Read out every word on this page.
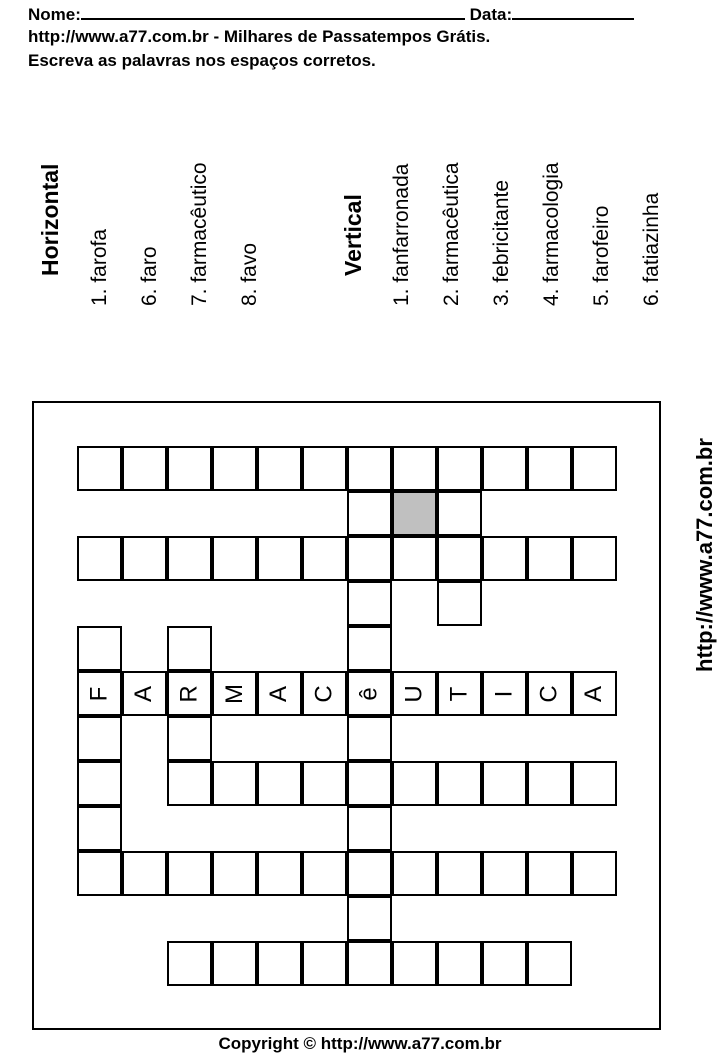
Nome:	Data:
http://www.a77.com.br - Milhares de Passatempos Grátis.
Escreva as palavras nos espaços corretos.
Horizontal 1. farofa 6. faro 7. farmacêutico 8. favo	Vertical 1. fanfarronada 2. farmacêutica 3. febricitante 4. farmacologia 5. farofeiro 6. fatiazinha
F A R M A C ê U T I C A
http://www.a77.com.br
Copyright © http://www.a77.com.br
